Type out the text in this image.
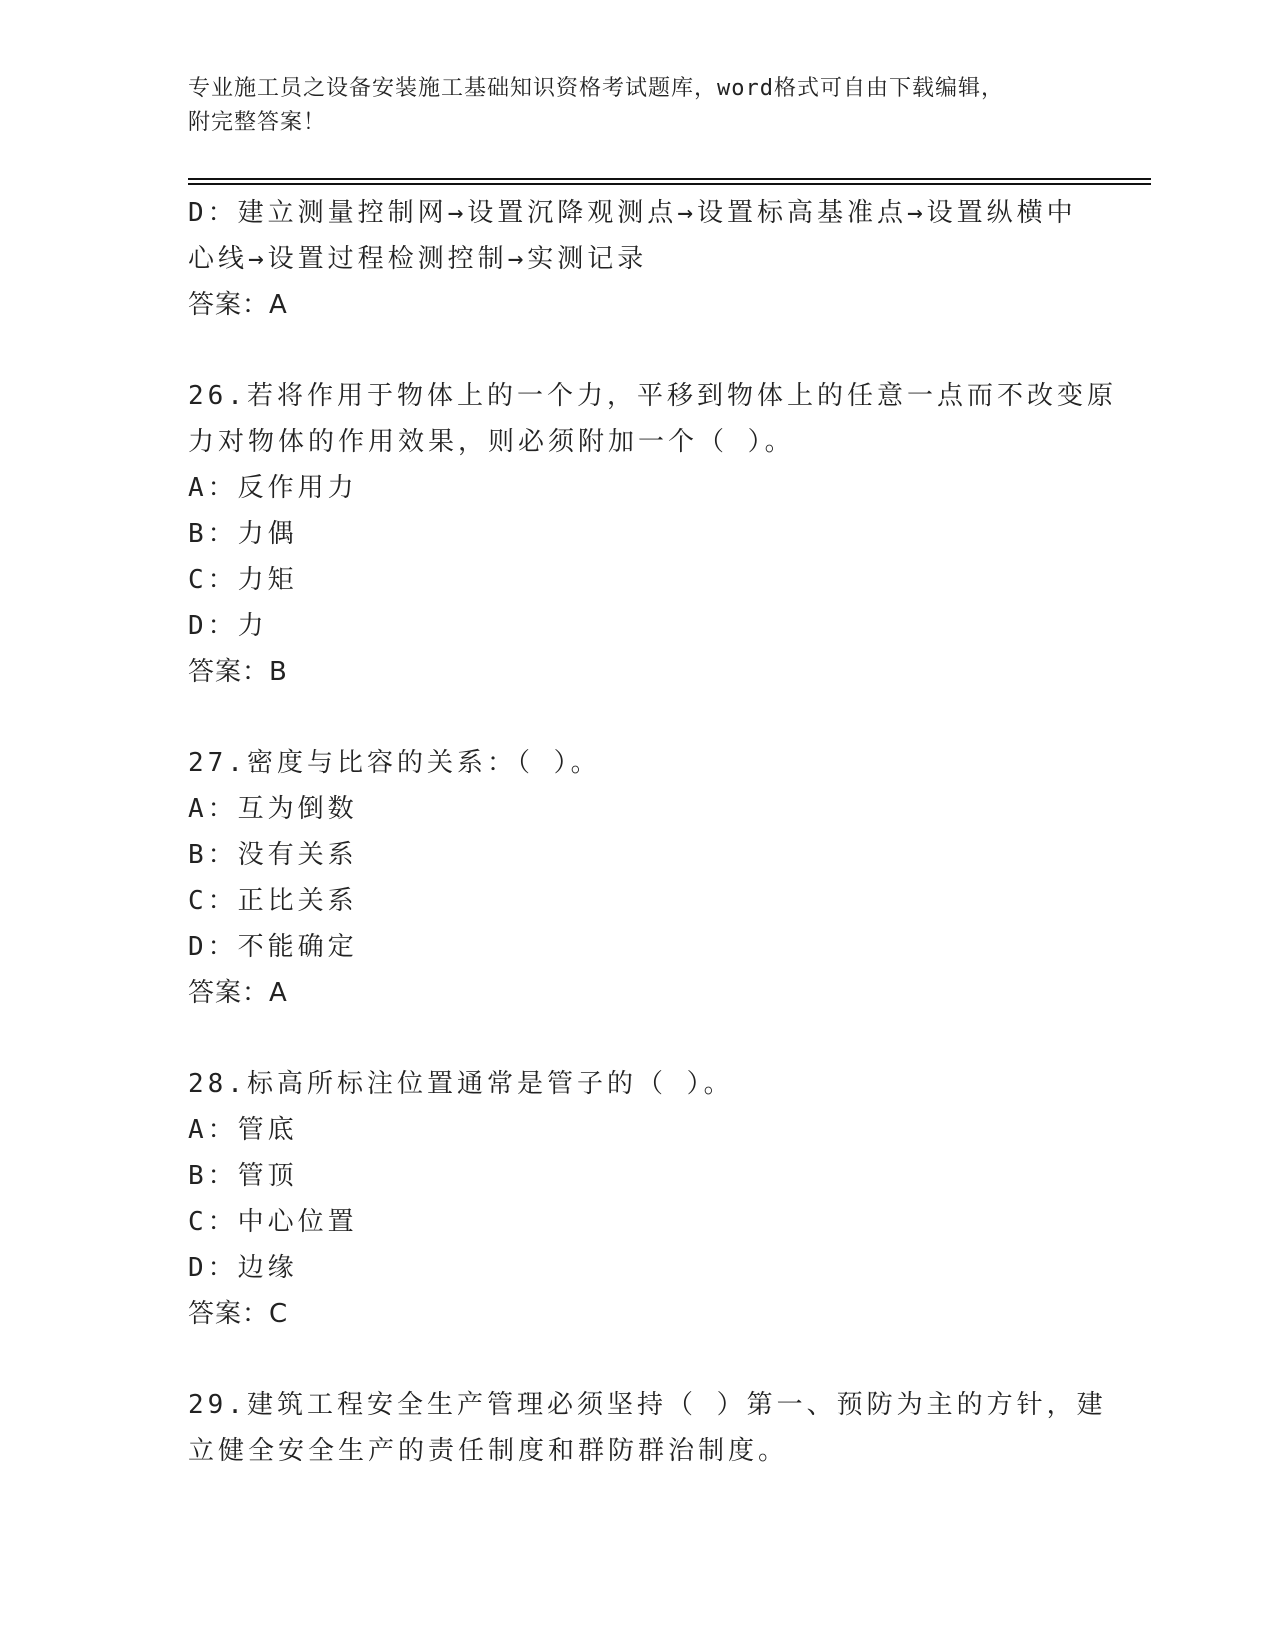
专业施工员之设备安装施工基础知识资格考试题库，word格式可自由下载编辑，
附完整答案！
D：建立测量控制网→设置沉降观测点→设置标高基准点→设置纵横中
心线→设置过程检测控制→实测记录
答案：A
26.若将作用于物体上的一个力，平移到物体上的任意一点而不改变原
力对物体的作用效果，则必须附加一个（ ）。
A：反作用力
B：力偶
C：力矩
D：力
答案：B
27.密度与比容的关系：（ ）。
A：互为倒数
B：没有关系
C：正比关系
D：不能确定
答案：A
28.标高所标注位置通常是管子的（ ）。
A：管底
B：管顶
C：中心位置
D：边缘
答案：C
29.建筑工程安全生产管理必须坚持（ ）第一、预防为主的方针，建
立健全安全生产的责任制度和群防群治制度。
